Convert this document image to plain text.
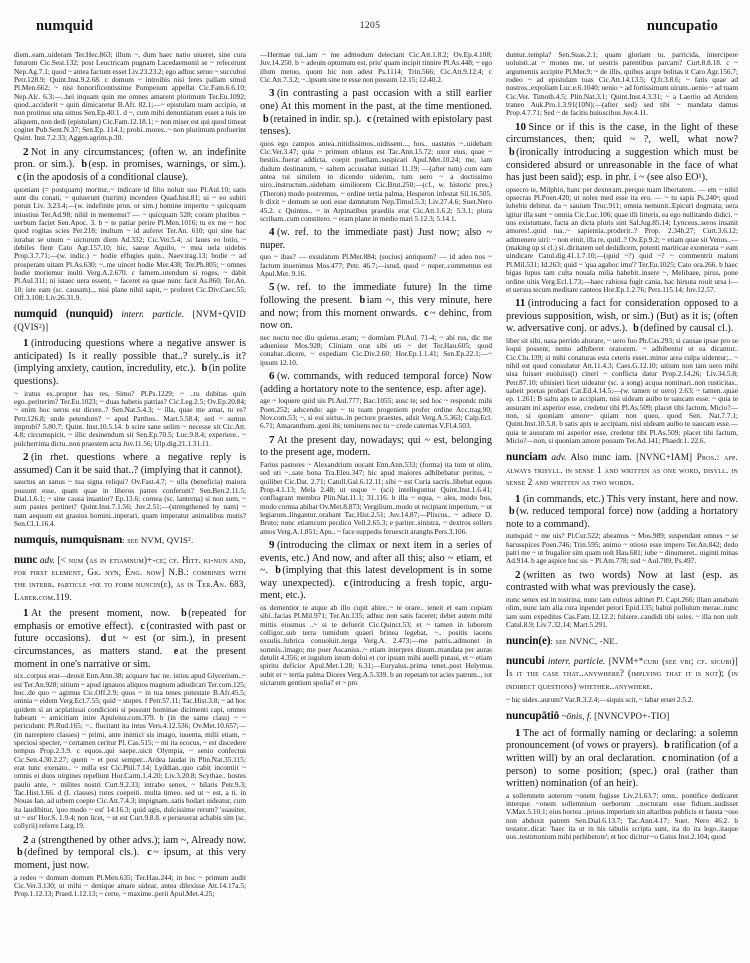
numquid	1205	nuncupatio

diem..eam..uideram Ter.Hec.863; illum ~, dum haec natio uiueret, sine cura futurum Cic.Sest.132; post Leuctricam pugnam Lacedaemonii se ~ refecerunt Nep.Ag.7.1; quod ~ antea factum esset Liv.23.23.2; ego adhuc seruo ~ succubui Petr.128.9; Quint.Inst.9.2.68. c domum ~ introibis nisi feres pallam simul Pl.Men.662; ~ nisi honorificentissime Pompeium appellat Cic.Fam.6.6.10; Nep.Alc. 6.3;—..hei inquam quin me omnes amarent plurimum Ter.Eu.1092; quod..acciderit ~ quin dimicaretur B.Afr. 82.1;—~ epistulam tuam accipio, ut non protinus una simus Sen.Ep.40.1. d ~, cum mihi denuntiatum esset a tuis ire aliquem, non dedi (epistulam) Cic.Fam.12.18.1; ~ non miser est qui quod timeat cogitet Pub.Sent.N.37; Sen.Ep. 114.1; probi..mores..~ non plurimum profuerint Quint. Inst.7.2.33; Aggen.agrim.p.30.

2 Not in any circumstances; (often w. an indefinite pron. or sim.). b (esp. in promises, warnings, or sim.). c (in the apodosis of a conditional clause).

quoniam (= postquam) moritur..~ indicare id filio noluit suo Pl.Aul.10; satis sunt diu conati, ~ quiuerunt (turrim) incendere Quad.hist.81; ui ~ eo subiri potuit Liv. 3.23.4;—(w. indefinite pron. or sim.) homine imperito ~ quicquam iniustius Ter.Ad.98; nihil in mentemst? — ~ quicquam 528; coram pluribus ~ uerbum faciet Sen.Apoc. 3. b ~ te patiar perire Pl.Men.1016; tu ex me ~ hoc quod rogitas scies Per.218; inultum ~ id auferet Ter.An. 610; qui sine hac iurabat se unum ~ uicturum diem Ad.332; Cic.Ver.5.4; .si laues eo lotio, ~ debiles fient Cato Agr.157.10; hic, saeue Aquilo, ~ mea uela uidebis Prop.3.7.71;—(w. indic.) ~ hodie effugies quin.. Naev.trag.13; hodie ~ ad prosperam uitam Pl.As.630; ~..me uincet hodie Mer.438; Ter.Ph.805; ~ omnes hodie moriemur inulti Verg.A.2.670. c famem..utendum si roges, ~ dabit Pl.Aul.311; ni istaec uera essent, ~ faceret ea quae nunc facit As.860; Ter.An. 10; iste eam (sc. causam).., nisi plane nihil sapit, ~ proferet Cic.Div.Caec.55; Off.3.108; Liv.26.31.9.

numquid (nunquid) interr. particle. [NVM+QVID (QVIS²)]

1 (introducing questions where a negative answer is anticipated) Is it really possible that..? surely..is it? (implying anxiety, caution, incredulity, etc.). b (in polite questions).

~ iratus es..propter has res, Simo? Pl.Ps.1229; ~ ..tu dubitas quin ego..periterim? Ter.Eu.1023; ~ duas habetis patrias? Cic.Leg.2.5; Ov.Ep.20.84; ~ enim hoc uerus est dicere..? Sen.Nat.5.4.3; ~ illa, quae me amat, tu es? Petr.126.8; unde petendum? ~ apud Parthos.. Mart.5.58.4; sed ~ sumus improbi? 5.80.7; Quint. Inst.10.5.14. b scire sane uelim ~ necesse sit Cic.Att. 4.8; circumspicit, ~ illic desinendum sit Sen.Ep.70.5; Luc.9.8.4; experiere.. ~ pulcherrima dictu..non praestem acta Juv.11.56; Ulp.dig.21.1.31.11.

2 (in rhet. questions where a negative reply is assumed) Can it be said that..? (implying that it cannot).

sauctus an sanus ~ tua signa reliqui? Ov.Fast.4.7; ~ ulla (beneficia) maiora possunt esse, quam quae in liberos patres conferunt? Sen.Ben.2.11.5; Dial.1.6.1; ~ sine causa insanior? Ep.13.6; cornea (sc. lanterna) si non sum, ~ sum pastes pertinet? Quint.Inst.7.1.56; Juv.2.51;—(strengthened by nam) ~ nam aequum est grauius homini..inperari, quam imperatur animalibus mutis? Sen.Cl.1.16.4.

numquis, numquisnam: see NVM, QVIS².

nunc adv. [< num (as in etiamnum)+-ce; cf. Hitt. ki-nun and, for first element, Gk. νῦν, Eng. now] N.B.: combines with the interr. particle -ne to form nuncin(e), as in Ter.An. 683, Laber.com.119.

1 At the present moment, now. b (repeated for emphasis or emotive effect). c (contrasted with past or future occasions). d ut ~ est (or sim.), in present circumstances, as matters stand. e at the present moment in one's narrative or sim.

uix..corpus erat—deosit Enn.Ann.38; acquare hac ne. istius apud Glycerium..~ est Ter.An.928; uitium ~ apud ignauos aliquos magnum adiudicari Ter.com.125; hoc..de quo ~ agimus Cic.Off.2.9; quos ~ in tua tenes potestate B.Afr.45.5; omnia ~ eidem Verg.Ecl.7.55; quid ~ stupes. f Petr.57.11; Tac.Hist.3.8; ~ ad hoc quidem si an acplatissai condicioni si possunt hominae dicimenti capi, omnes habeant ~ amicitiam inire Apuleius.com.379. b (in the same class) ~ ~ periculum: Pl.Rud.165; ~.. flucitant ita intus Vers.4.12.536; Ov.Met.10.657;—(in narreptere classes) ~ primi, ante inimici sis imago, iuuenta, milii etiam, ~ speciosi specter, ~ certamen ceritur Pl. Cas.515; ~ mi ita ecocus, ~ est discedere tempus Prop.2.3.9. c equos..qui saepe..uicit Olympia, ~ senio confectus Cic.Sen.4.30.2.27; quem ~ et post semper...Ardea laudat in Plin.Nat.35.115; erat tunc exenato.. ~ nulla est Cic.Phil.7.14; Lyddian..quo cabit incontiit ~ omnis ei duos uirgines repellunt Hor.Carm.1.4.20; Liv.3.20.8; Scythae.. hostes paulo ante, ~ milites nostri Curt.9.2.33; intrabo senex, ~ hilaris Petr.9.3; Tac.Hist.1.66. d (I. classes) rures coepeiti. multa timeo. sed ut ~ est, a ti. in Nouas Ian. ad urbem coepte Cic.Att.7.4.3; impignam..satis hodari uideatur, cum ita laudibitur, 'quo modo ~ est' 14.16.3; quid agis, dulcissime rerum? 'suauiter, ut ~ est' Hor.S. 1.9.4; non licet, ~ ut est Curt.9.8.8. e perseuerat achabis sim (sc. collyrii) referre Larg.19.

2 a (strengthened by other advs.); iam ~, Already now. b (defined by temporal cls.). c ~ ipsum, at this very moment, just now.

a redeo ~ domum domum Pl.Men.635; Ter.Hau.244; in hoc ~ primum audit Cic.Ver.3.130; ut mihi ~ denique amare uidear, antea dilexisse Att.14.17a.5; Prop.1.12.13; Praed.1.12.13; ~ certe, ~ maxime..perii Apul.Met.4.25;

—Hermae tui..iam ~ me admodum delectant Cic.Att.1.8.2; Ov.Ep.4.108; Juv.14.250. b ~ adeum optumum est, priu' quam incipit tinnire Pl.As.448; ~ ego illum metuo, quom hic non adest Ps.1114; Trin.566; Cic.Att.9.12.4; c Cic.Att.7.3.2; ~..ipsum sine te esse non possum 12.15; 12.40.2.

3 (in contrasting a past occasion with a still earlier one) At this moment in the past, at the time mentioned. b (retained in indir. sp.). c (retained with epistolary past tenses).

quos ego campos antea..nitidissimos..uidissem..., hos.. uastatos ~..uidebam Cic.Ver.3.47; quia ~ primum oblatus est Tac.Ann.15.72; uxor eius, quae ~ bestiis..fuerat addicta, coepit puellam..suspicari Apul.Met.10.24; me, iam dudum destinatum, ~ saltem accusabat initiari 11.19; —(after tum) cum eam antea tui similem in dicendo uiderim, tum uero ~ a doctissimo uiro..instructum..uidebam similiorem Cic.Brut.250;—(cf., w. historic pres.) (Theron) modo postremus, ~ ordine tertia palma, Hesperon infestat Sil.16.505. b dixit ~ demum se uoti esse damnatum Nep.Timol.5.3; Liv.27.4.6; Suet.Nero 45.2. c Quintus.. ~ in Arpinatibus praediis erat Cic.Att.1.6.2; 5.3.1; plura scribam..cum constitero. ~ eram plane in medio mari 5.12.3; 5.14.1.

4 (w. ref. to the immediate past) Just now; also ~ nuper.

quo ~ ibas? — exsulatum Pl.Mer.884; (socius) antiquom? — id adeo nos ~ factum inuenimus Mos.477; Petr. 46.7;—istud, quod ~ nuper..commentus est Apul.Met. 9.16.

5 (w. ref. to the immediate future) In the time following the present. b iam ~, this very minute, here and now; from this moment onwards. c ~ dehinc, from now on.

nec noctu nec diu quietus..eram; ~ dormiam Pl.Aul. 71-4; ~ abi rus, dic me aduenisse Mos.928; Cliniam orat sibi uti ~ det Ter.Hau.605; quod conabar..dicere, ~ expediam Cic.Div.2.60; Hor.Ep.1.1.41; Sen.Ep.22.1;—~ ipsum 12.10.

6 (w. commands, with reduced temporal force) Now (adding a hortatory note to the sentence, esp. after age).

age ~ loquere quid uis Pl.Aul.777; Bac.1055; ausc te; sed hoc ~ respondc mihi Poen.252; adscendo: age ~ tu tuam progeniem profer ordine Acc.trag.90; Nov.com.53; ~, si eui uirtus..in pectore praestes, adsit Verg.A.5.363; Calp.Ecl. 6.71; Amaranthum..geni ibi; teminens nec tu ~ crede caternas V.Fl.4.503.

7 At the present day, nowadays; qui ~ est, belonging to the present age, modern.

Farius pastores ~ Alexandrium uocant Enn.Ann.533; (forma) ita tum ut olim, sed uti ~..sate bona Tra.Eleu.347; hic apud maiores adhibebatur peritus, ~ quilibet Cic.Dat. 2.71; Catull.Gal.6.12.11; sibi ~ est Curia sacris..libebat equus Prop.4.1.13; Mela 2.48; ut usque ~ (sci) intelleguntur Quint.Inst.1.6.41; conflagrant membra Plin.Nat.11.1; 31.116. b illa ~ equa, ~ ales, modo bos, modo cornua abibat Ov.Met.8.873; Vergilium..modo ut recipiant imperium, ~ ut legiarum..lingantur..orabant Tac.Hist.2.51; Juv.14.87;—Pliscus.. ~ adiuce D. Bruto; nunc etiamcum pecdico Vell.2.65.3; e pariter..sinistra, ~ dextros sollers amos Verg.A.1.851; Apu.. ~ face suppedis feruescit aranghs Pers.3.106.

9 (introducing the climax or next item in a series of events, etc.) And now, and after all this; also ~ etiam, et ~. b (implying that this latest development is in some way unexpected). c (introducing a fresh topic, argument, etc.).

os dementior te atque ab illo cupit abire..~ te orare.. ieneit et eam copiam sibi..facias Pl.Mil.971; Ter.An.135; adhuc non satis faceret; debet autem mihi mittis eiusmus ..~ si te defuerit Cic.Quinct.53; et ~ tamen in luborem colligor..sub terra tumidum quaeri brinea legebat, ~.. positis iacens exsulis..lubrica conuoluit..terga Verg.A. 2.473;—me patris..admonet in somnis..imago; me puer Ascanius..~ etiam interpres diuum..mandata per auras detulit 4.356; et iugulum istum dolui et cor ipsum mihi auelli putaui, et ~ etiam spiritu deficior Apul.Met.1.28; 6.31;—Euryalus..prima tenet..post Helymus subit et ~ tertia palma Diores Verg.A.5.339. b an repetam tot acies patrum.., tot uictarum gentium spolia? et ~ pro

duntur..templa? Sen.Suas.2.1; quam gloriam tu, parricida, intercipere uoluisti..at ~ mones me, ut uestris parentibus parcam? Curt.8.8.18. c ~ argumentis accipite Pl.Mer.9; ~ de illis, quibus acqre bolitas it Caro Agr.156.7; rodeo ~ ad epistulam tuas Cic.Att.14.13.5; Q.fr.3.8.6; ~ fatis quae ad nostros..expoliam Luc.e.6.1040; uenio ~ ad fortissimum uirum..uenio ~ ad tuam Cic.Ver. Timoth.4.5; Plin.Nat.3.1; Quint.Inst.4.3.31; ~ a Laertio ad Atridem traneo Auk.Pro.1.3.91(10N);—(after sed) sed tibi ~ mandata damus Prop.4.7.71; Sed ~ de facitis huiuscibus Juv.4.11.

10 Since or if this is the case, in the light of these circumstances, then; quid ~ ?, well, what now? b (ironically introducing a suggestion which must be considered absurd or unreasonable in the face of what has just been said); esp. in phr. i ~ (see also EO¹).

opsecro te, Milphio, hanc per dexteram..perque tuam libertatem.. — em ~ nihil opsecras Pl.Poen.420; ut uoles med esse ita ero. — ~ tu sapis Ps.240ᵃ; quod iubebis debitur. da ~ sauium Truc.911; omnia nemunit..Epicuri dogmata; uera igitur illa sunt ~ omnia Cic.Luc.106; quae illi litteris, ea ego nullitando didici. ~ uos existumate, facta an dicta pluris sint Sal.Jug.85.14; Lynceus..seros insanit amores!..quid tua..~ sapientia..proderit..? Prop. 2.34b.27; Curt.3.6.12; adimenere uiri: ~ non einit, illa re, quid..? Ov.Ep.9.2; ~ etiam quae sit Venus..—(making up si cl.) si..diritatem uel dedidicem, potenti mariticae exonerata ~ eam uindicare Catul.dig.41.1.7.10;—(quid ~?) quid ~? ~ commentrit malum Pl.Mil.531; Id.263; quid ~ 'qua agahoc imu'? Ter.Eu.1025; Cato ora.266. b haec bigas lupus tam culta nouala milia habebit..insere ~, Melibaee, pirus, pone ordine uitis Verg.Ecl.1.73;—haec rabiosa fugit cania, hac hirsuta rouit ursa i—et uersus tecum meditare canteos Hor.Ep.1.2.76; Pers.115.14; Juv.12.57.

11 (introducing a fact for consideration opposed to a previous supposition, wish, or sim.) (But) as it is; (often w. adversative conj. or advs.). b (defined by causal cl.).

liber sit sibi, uasa perrido ahurare, ~ uero fuo Ph.Cas.293; si causae ipsae pro se loqui possent, nemo adhiberet oratorem. ~ adhibentur ut ea dicantur.. Cic.Clu.139; si mihi conaturas esta ceteris esset..minor area culpa uidentur;.. ~ nihil est quod consulatur Att.11.4.3; Caes.G.12.10; uitium non tam uero mihi uisa fuisset euoluiss(i) cineri ~ conflicta datur Prop.2.14.26; Liv.34.5.8; Petr.87.10; ufnisieri licet uideatur (sc. a song) acqua nominari..non rusticitas.. uabeit poetas probari Cat.Ed.4.14.5;—(w. tamen or uero) 2.63; ~ tamen..quae ep. 1.261; B saltu aps te accipiam, nisi uideam auibo te uaucam esse. ~ quia te ausuram mi asperior esse, credetur tibi Pl.As.509; placet tibi factum, Micio?—non, si quoniam amore~ quiam non queo, quod Sen. Nat.7.7.1; Quint.Inst.10.5.8. b satis apis te accipiam, nisi uideam auibo te uaucam esse.—quia te ausuram mi asperior esse, credetur tibi Pl.As.509; placet tibi factum, Micio?—non, si quoniam amore possum Ter.Ad.141; Phaedr.1. 22.6.

nunciam adv. Also nunc iam. [NVNC+IAM] Pros.: app. always trisyll. in sense 1 and written as one word, disyll. in sense 2 and written as two words.

1 (in commands, etc.) This very instant, here and now. b (w. reduced temporal force) now (adding a hortatory note to a command).

numquid ~ me uis? Pl.Cur.522; abeamus ~ Mos.989; suspendant omnes ~ se harusspices Poen.746; Trin.595; animo ~ otioso esse impero Ter.An.842; dedo patri me ~ ut frugalior sim quam uolt Hau.681; iube ~ dinumeret.. uiginti minas Ad.914. b age aspice huc sis ~ Pl.Am.778; sud ~ Aul.789; Ps.497.

2 (written as two words) Now at last (esp. as contrasted with what was previously the case).

nunc senex est in tostrina, nunc iam cultros adtinet Pl. Capt.266; illam amabam olim, nunc iam alia cura inpendet petori Epid.135; habui pollulum merae..nunc iam sum expeditus Cas.Fam.12.12.2; fulsere..caudidi tibi soles. ~ illa non uult Catul.8.9; Liv.7.32.14; Mart.5.291.

nuncin(e): see NVNC, -NE.

nuncubi interr. particle. [NVM+*cubi (see vbi; cf. sicubi)] Is it the case that..anywhere? (implying that it is not); (in indirect questions) whether..anywhere.

~ hic uides..aurum? Var.R.3.2.4;—siquis scit, ~ labar eruet 2.5.2.

nuncupātiō ~ōnis, f. [NVNCVPO+-TIO]

1 The act of formally naming or declaring: a solemn pronouncement (of vows or prayers). b ratification (of a written will) by an oral declaration. c nomination (of a person) to some position; (spec.) oral (rather than written) nomination (of an heir).

a sollemnem aoterum ~onem fugisse Liv.21.63.7; omn.. pontifice dedicaret interque ~onem sollemnium uerborum ..nocturam esse fidium..audisset V.Max.5.10.1; eius horrea ..priuus imperium sin altaribus publicis et fausta ~ose non abduxit patrem Sen.Dial.6.13.7; Tac.Ann.4.17; Suet. Nero 46.2. b testator..dicat: 'haec ita ut in his tabulis scripta sunt, ita do ita lego..itaque uos..testimonium mihi perhibetote'; et hoc dicitur ~o Gaius Inst.2.104; quod
